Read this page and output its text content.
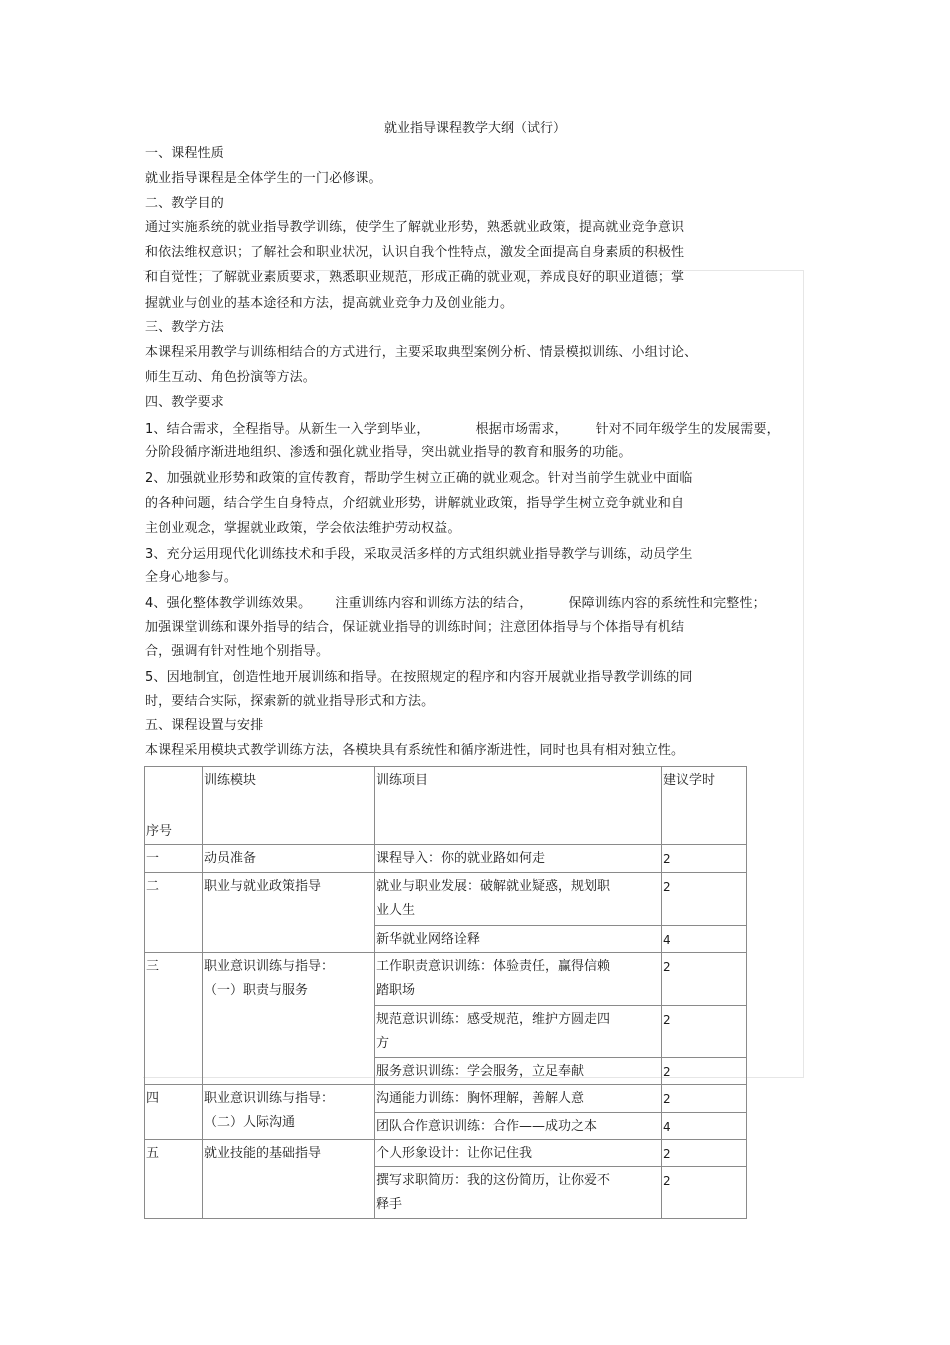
就业指导课程教学大纲（试行）

一、课程性质

就业指导课程是全体学生的一门必修课。

二、教学目的

通过实施系统的就业指导教学训练，使学生了解就业形势，熟悉就业政策，提高就业竞争意识

和依法维权意识；了解社会和职业状况，认识自我个性特点，激发全面提高自身素质的积极性

和自觉性；了解就业素质要求，熟悉职业规范，形成正确的就业观，养成良好的职业道德；掌

握就业与创业的基本途径和方法，提高就业竞争力及创业能力。

三、教学方法

本课程采用教学与训练相结合的方式进行，主要采取典型案例分析、情景模拟训练、小组讨论、

师生互动、角色扮演等方法。

四、教学要求

1、结合需求，全程指导。从新生一入学到毕业，	根据市场需求， 针对不同年级学生的发展需要，

分阶段循序渐进地组织、渗透和强化就业指导，突出就业指导的教育和服务的功能。

2、加强就业形势和政策的宣传教育，帮助学生树立正确的就业观念。针对当前学生就业中面临

的各种问题，结合学生自身特点，介绍就业形势，讲解就业政策，指导学生树立竞争就业和自

主创业观念，掌握就业政策，学会依法维护劳动权益。

3、充分运用现代化训练技术和手段，采取灵活多样的方式组织就业指导教学与训练，动员学生

全身心地参与。

4、强化整体教学训练效果。 注重训练内容和训练方法的结合，	保障训练内容的系统性和完整性；

加强课堂训练和课外指导的结合，保证就业指导的训练时间；注意团体指导与个体指导有机结

合，强调有针对性地个别指导。

5、因地制宜，创造性地开展训练和指导。在按照规定的程序和内容开展就业指导教学训练的同

时，要结合实际，探索新的就业指导形式和方法。

五、课程设置与安排

本课程采用模块式教学训练方法，各模块具有系统性和循序渐进性，同时也具有相对独立性。

序号	训练模块	训练项目	建议学时
一	动员准备	课程导入：你的就业路如何走	2
二	职业与就业政策指导	就业与职业发展：破解就业疑惑，规划职
业人生	2
		新华就业网络诠释	4
三	职业意识训练与指导：
（一）职责与服务	工作职责意识训练：体验责任，赢得信赖
踏职场	2
		规范意识训练：感受规范，维护方圆走四
方	2
		服务意识训练：学会服务，立足奉献	2
四	职业意识训练与指导：
（二）人际沟通	沟通能力训练：胸怀理解，善解人意	2
		团队合作意识训练：合作——成功之本	4
五	就业技能的基础指导	个人形象设计：让你记住我	2
		撰写求职简历：我的这份简历，让你爱不
释手	2
